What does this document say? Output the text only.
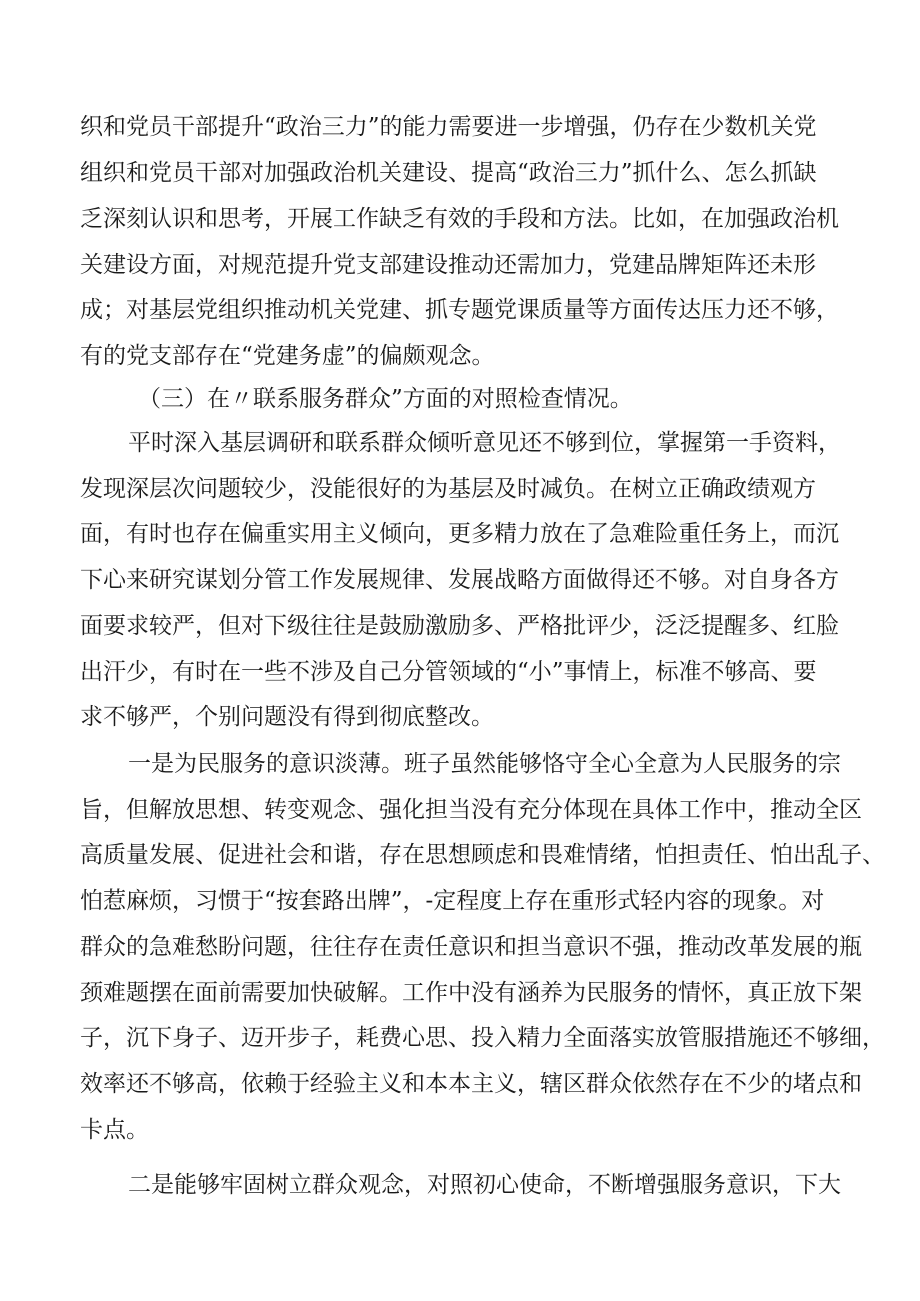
织和党员干部提升“政治三力”的能力需要进一步增强，仍存在少数机关党
组织和党员干部对加强政治机关建设、提高“政治三力”抓什么、怎么抓缺
乏深刻认识和思考，开展工作缺乏有效的手段和方法。比如，在加强政治机
关建设方面，对规范提升党支部建设推动还需加力，党建品牌矩阵还未形
成；对基层党组织推动机关党建、抓专题党课质量等方面传达压力还不够，
有的党支部存在“党建务虚”的偏颇观念。
（三）在〃联系服务群众”方面的对照检查情况。
平时深入基层调研和联系群众倾听意见还不够到位，掌握第一手资料，
发现深层次问题较少，没能很好的为基层及时减负。在树立正确政绩观方
面，有时也存在偏重实用主义倾向，更多精力放在了急难险重任务上，而沉
下心来研究谋划分管工作发展规律、发展战略方面做得还不够。对自身各方
面要求较严，但对下级往往是鼓励激励多、严格批评少，泛泛提醒多、红脸
出汗少，有时在一些不涉及自己分管领域的“小”事情上，标准不够高、要
求不够严，个别问题没有得到彻底整改。
一是为民服务的意识淡薄。班子虽然能够恪守全心全意为人民服务的宗
旨，但解放思想、转变观念、强化担当没有充分体现在具体工作中，推动全区
高质量发展、促进社会和谐，存在思想顾虑和畏难情绪，怕担责任、怕出乱子、
怕惹麻烦，习惯于“按套路出牌”，-定程度上存在重形式轻内容的现象。对
群众的急难愁盼问题，往往存在责任意识和担当意识不强，推动改革发展的瓶
颈难题摆在面前需要加快破解。工作中没有涵养为民服务的情怀，真正放下架
子，沉下身子、迈开步子，耗费心思、投入精力全面落实放管服措施还不够细，
效率还不够高，依赖于经验主义和本本主义，辖区群众依然存在不少的堵点和
卡点。
二是能够牢固树立群众观念，对照初心使命，不断增强服务意识，下大
